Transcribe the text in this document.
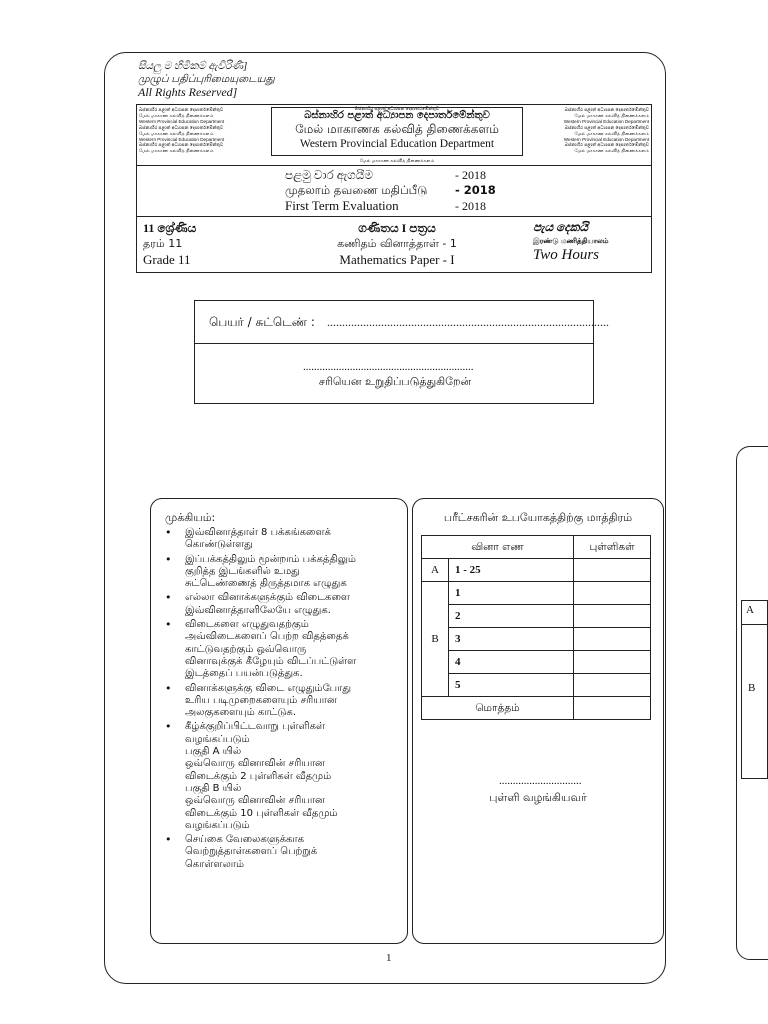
සියලු ම හිමිකම් ඇවිරිණි]
முழுப் பதிப்புரிமையுடையது
All Rights Reserved]
බස්නාහිර පළාත් අධ්‍යාපන දෙපාර්තමේන්තුව
மேல் மாகாண கல்வித் திணைக்களம்
Western Provincial Education Department
බස්නාහිර පළාත් අධ්‍යාපන දෙපාර්තමේන්තුව
மேல் மாகாண கல்வித் திணைக்களம்
Western Provincial Education Department
බස්නාහිර පළාත් අධ්‍යාපන දෙපාර්තමේන්තුව
மேல் மாகாண கல்வித் திணைக்களம்
බස්නාහිර පළාත් අධ්‍යාපන දෙපාර්තමේන්තුව
බස්නාහිර පළාත් අධ්‍යාපන දෙපාර්තමේන්තුව
மேல் மாகாணக கல்வித் திணைக்களம்
Western Provincial Education Department
மேல் மாகாண கல்வித் திணைக்களம்
බස්නාහිර පළාත් අධ්‍යාපන දෙපාර්තමේන්තුව
மேல் மாகாண கல்வித் திணைக்களம்
Western Provincial Education Department
බස්නාහිර පළාත් අධ්‍යාපන දෙපාර්තමේන්තුව
மேல் மாகாண கல்வித் திணைக்களம்
Western Provincial Education Department
බස්නාහිර පළාත් අධ්‍යාපන දෙපාර්තමේන්තුව
மேல் மாகாண கல்வித் திணைக்களம்
පළමු වාර ඇගයීම	- 2018
முதலாம் தவணை மதிப்பீடு - 2018
First Term Evaluation	- 2018
11 ශ්‍රේණිය
தரம் 11
Grade 11
ගණිතය I පත්‍රය
கணிதம் வினாத்தாள் - 1
Mathematics Paper - I
පැය දෙකයි
இரண்டு மணித்தியாலம்
Two Hours
பெயர் / சுட்டெண் : ..............................................................................................
..............................................................
சரியென உறுதிப்படுத்துகிறேன்
முக்கியம்:
• இவ்வினாத்தாள் 8 பக்கங்களைக்
கொண்டுள்ளது
• இப்பக்கத்திலும் மூன்றாம் பக்கத்திலும்
குறித்த இடங்களில் உமது
சுட்டெண்ணைத் திருத்தமாக எழுதுக
• எல்லா வினாக்களுக்கும் விடைகளை
இவ்வினாத்தாளிலேயே எழுதுக.
• விடைகளை எழுதுவதற்கும்
அவ்விடைகளைப் பெற்ற விதத்தைக்
காட்டுவதற்கும் ஒவ்வொரு
வினாவுக்குக் கீழேயும் விடப்பட்டுள்ள
இடத்தைப் பயன்படுத்துக.
• வினாக்களுக்கு விடை எழுதும்போது
உரிய படிமுறைகளையும் சரியான
அலகுகளையும் காட்டுக.
• கீழ்க்குறிப்பிட்டவாறு புள்ளிகள்
வழங்கப்படும்
பகுதி A யில்
ஒவ்வொரு வினாவின் சரியான
விடைக்கும் 2 புள்ளிகள் வீதமும்
பகுதி B யில்
ஒவ்வொரு வினாவின் சரியான
விடைக்கும் 10 புள்ளிகள் வீதமும்
வழங்கப்படும்
• செய்கை வேலைகளுக்காக
வெற்றுத்தாள்களைப் பெற்றுக்
கொள்ளலாம்
பரீட்சகரின் உபயோகத்திற்கு மாத்திரம்
வினா எண		புள்ளிகள்
A	1 - 25	
B	1	
	2	
	3	
	4	
	5	
மொத்தம்		
..............................
புள்ளி வழங்கியவர்
1
A
B
